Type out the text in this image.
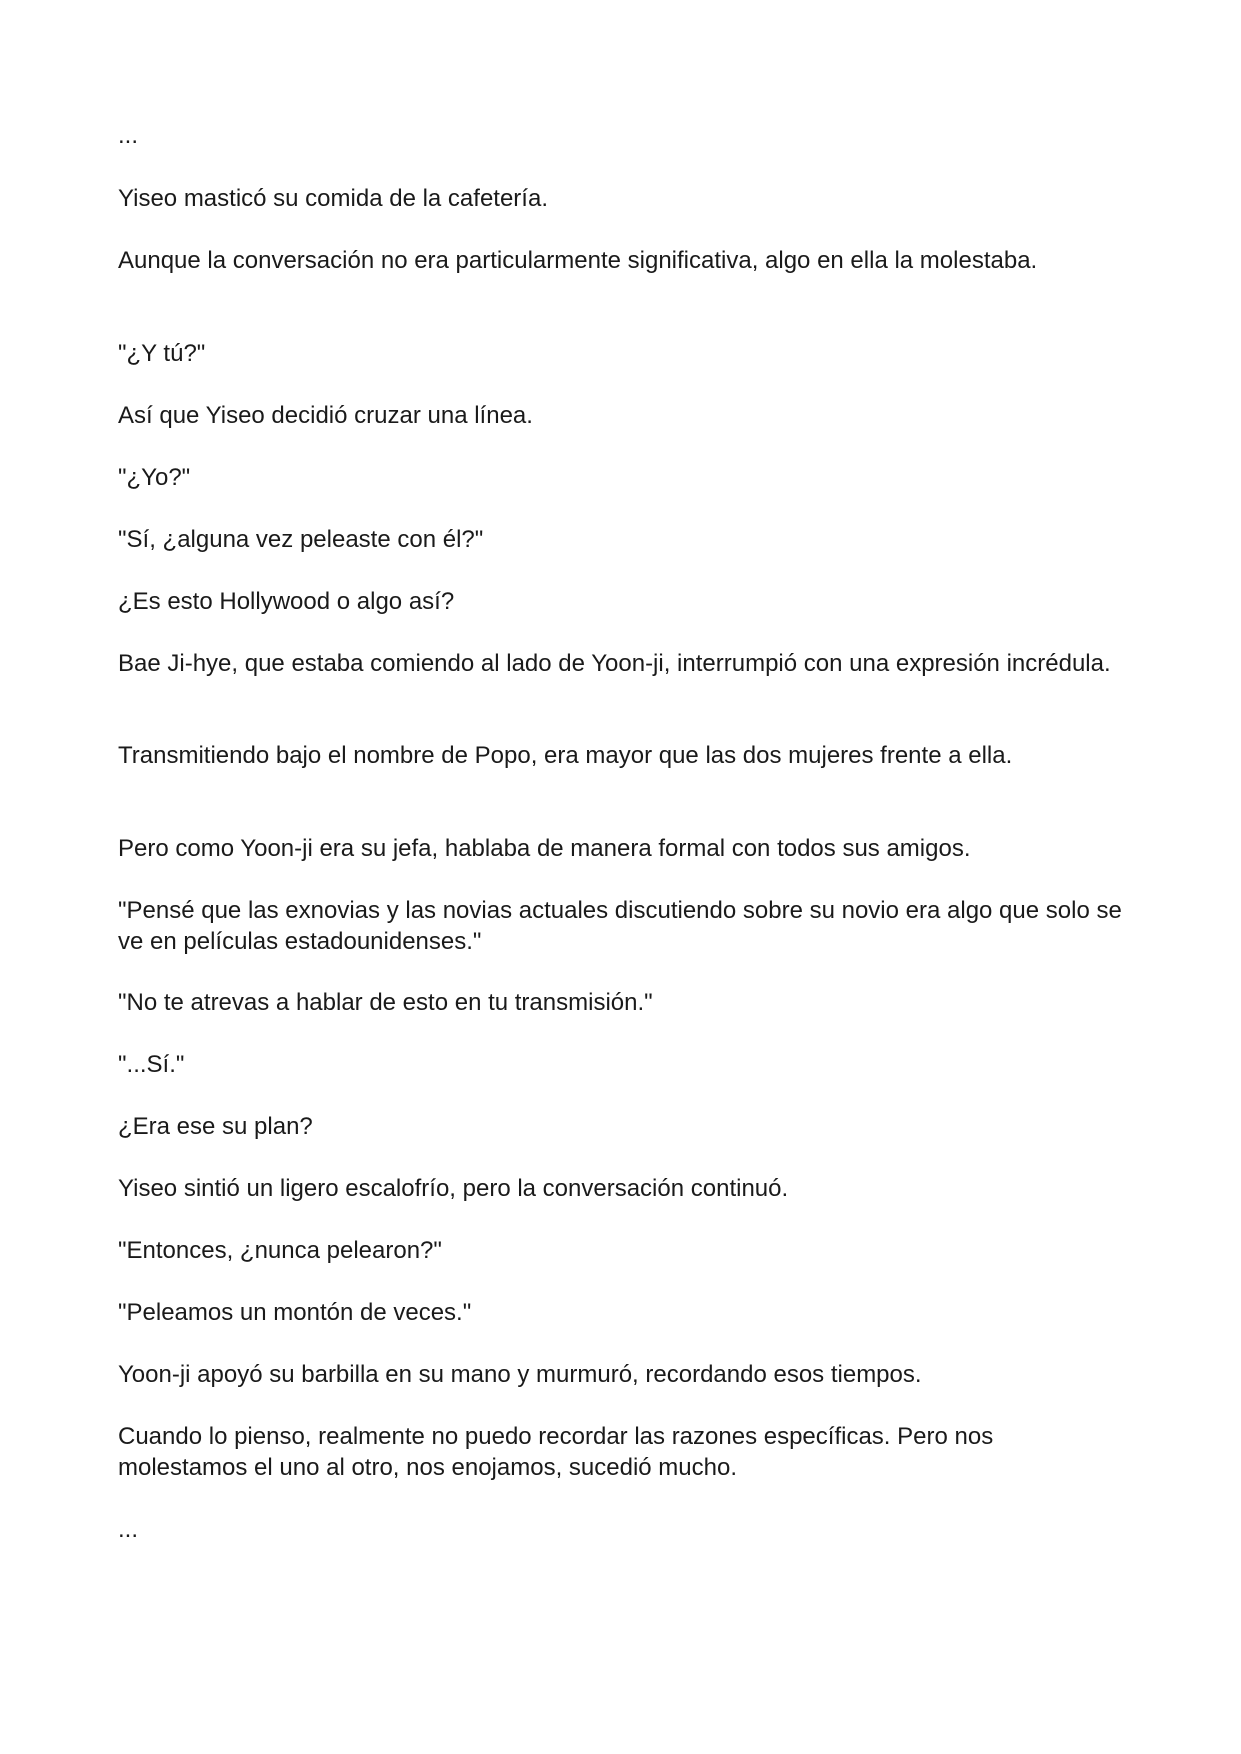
...

Yiseo masticó su comida de la cafetería.

Aunque la conversación no era particularmente significativa, algo en ella la molestaba.

"¿Y tú?"

Así que Yiseo decidió cruzar una línea.

"¿Yo?"

"Sí, ¿alguna vez peleaste con él?"

¿Es esto Hollywood o algo así?

Bae Ji-hye, que estaba comiendo al lado de Yoon-ji, interrumpió con una expresión incrédula.

Transmitiendo bajo el nombre de Popo, era mayor que las dos mujeres frente a ella.

Pero como Yoon-ji era su jefa, hablaba de manera formal con todos sus amigos.

"Pensé que las exnovias y las novias actuales discutiendo sobre su novio era algo que solo se ve en películas estadounidenses."

"No te atrevas a hablar de esto en tu transmisión."

"...Sí."

¿Era ese su plan?

Yiseo sintió un ligero escalofrío, pero la conversación continuó.

"Entonces, ¿nunca pelearon?"

"Peleamos un montón de veces."

Yoon-ji apoyó su barbilla en su mano y murmuró, recordando esos tiempos.

Cuando lo pienso, realmente no puedo recordar las razones específicas. Pero nos molestamos el uno al otro, nos enojamos, sucedió mucho.

...
